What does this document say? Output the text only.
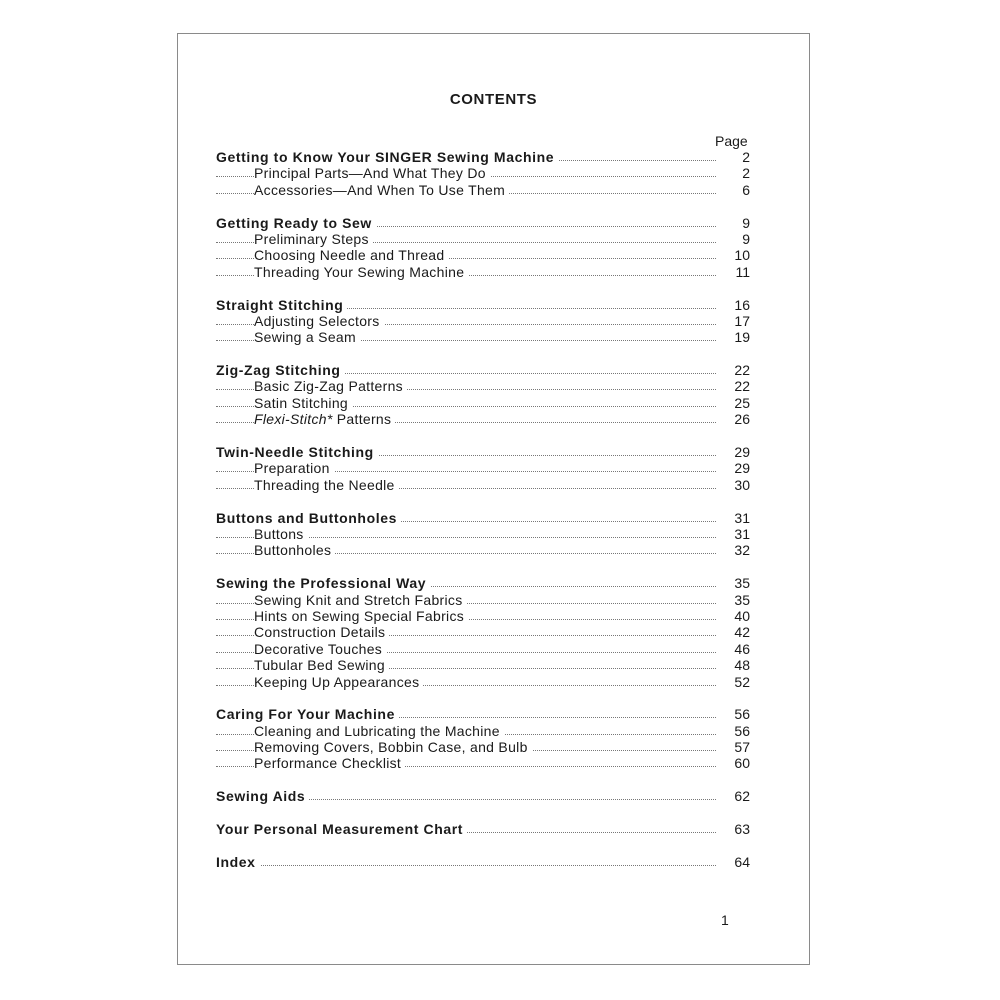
CONTENTS
Page
Getting to Know Your SINGER Sewing Machine	2
Principal Parts—And What They Do	2
Accessories—And When To Use Them	6
Getting Ready to Sew	9
Preliminary Steps	9
Choosing Needle and Thread	10
Threading Your Sewing Machine	11
Straight Stitching	16
Adjusting Selectors	17
Sewing a Seam	19
Zig-Zag Stitching	22
Basic Zig-Zag Patterns	22
Satin Stitching	25
Flexi-Stitch* Patterns	26
Twin-Needle Stitching	29
Preparation	29
Threading the Needle	30
Buttons and Buttonholes	31
Buttons	31
Buttonholes	32
Sewing the Professional Way	35
Sewing Knit and Stretch Fabrics	35
Hints on Sewing Special Fabrics	40
Construction Details	42
Decorative Touches	46
Tubular Bed Sewing	48
Keeping Up Appearances	52
Caring For Your Machine	56
Cleaning and Lubricating the Machine	56
Removing Covers, Bobbin Case, and Bulb	57
Performance Checklist	60
Sewing Aids	62
Your Personal Measurement Chart	63
Index	64
1
